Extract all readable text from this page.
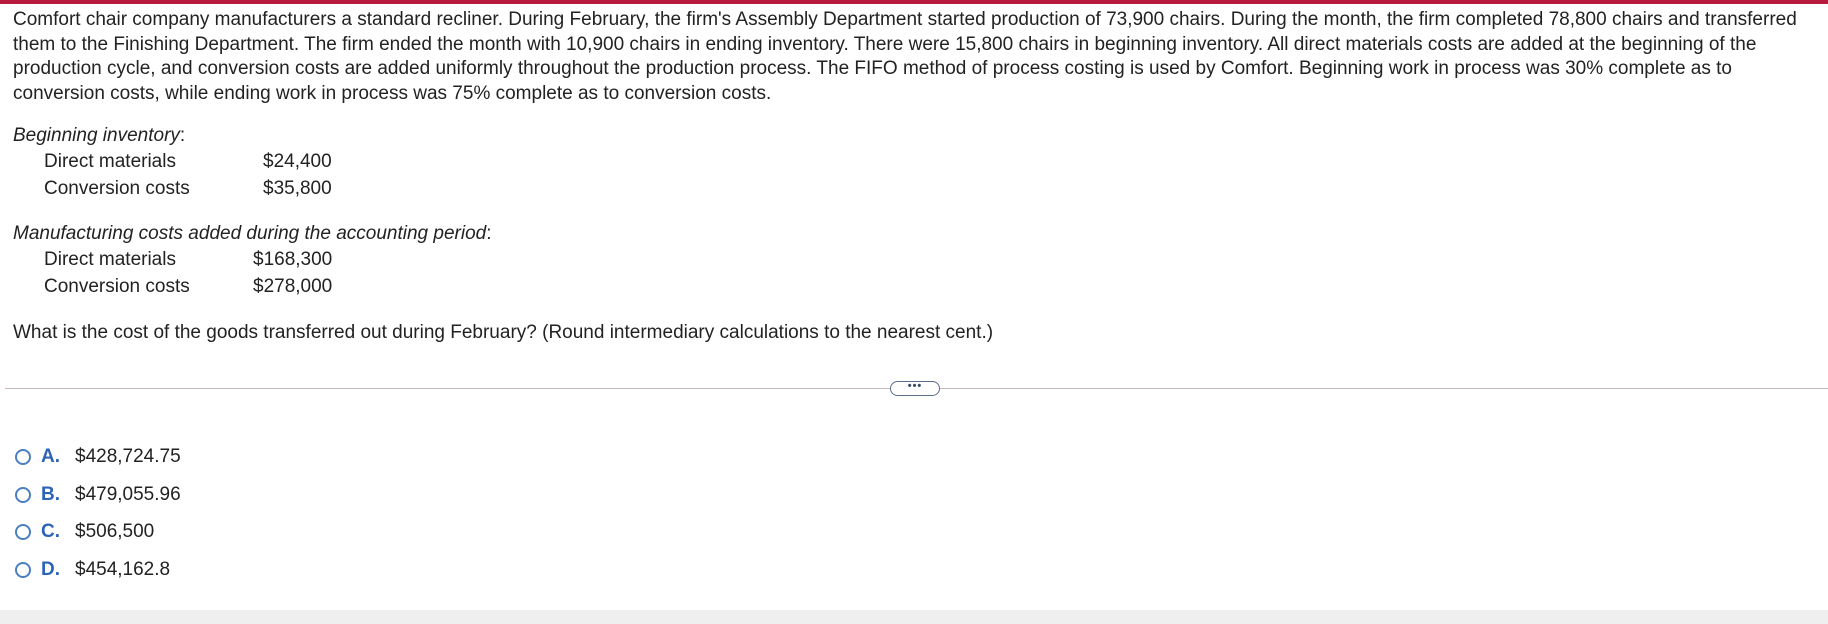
Comfort chair company manufacturers a standard recliner. During February, the firm's Assembly Department started production of 73,900 chairs. During the month, the firm completed 78,800 chairs and transferred them to the Finishing Department. The firm ended the month with 10,900 chairs in ending inventory. There were 15,800 chairs in beginning inventory. All direct materials costs are added at the beginning of the production cycle, and conversion costs are added uniformly throughout the production process. The FIFO method of process costing is used by Comfort. Beginning work in process was 30% complete as to conversion costs, while ending work in process was 75% complete as to conversion costs.

Beginning inventory:
Direct materials	$24,400
Conversion costs	$35,800
Manufacturing costs added during the accounting period:
Direct materials	$168,300
Conversion costs	$278,000
What is the cost of the goods transferred out during February? (Round intermediary calculations to the nearest cent.)
•••
A. $428,724.75
B. $479,055.96
C. $506,500
D. $454,162.8
